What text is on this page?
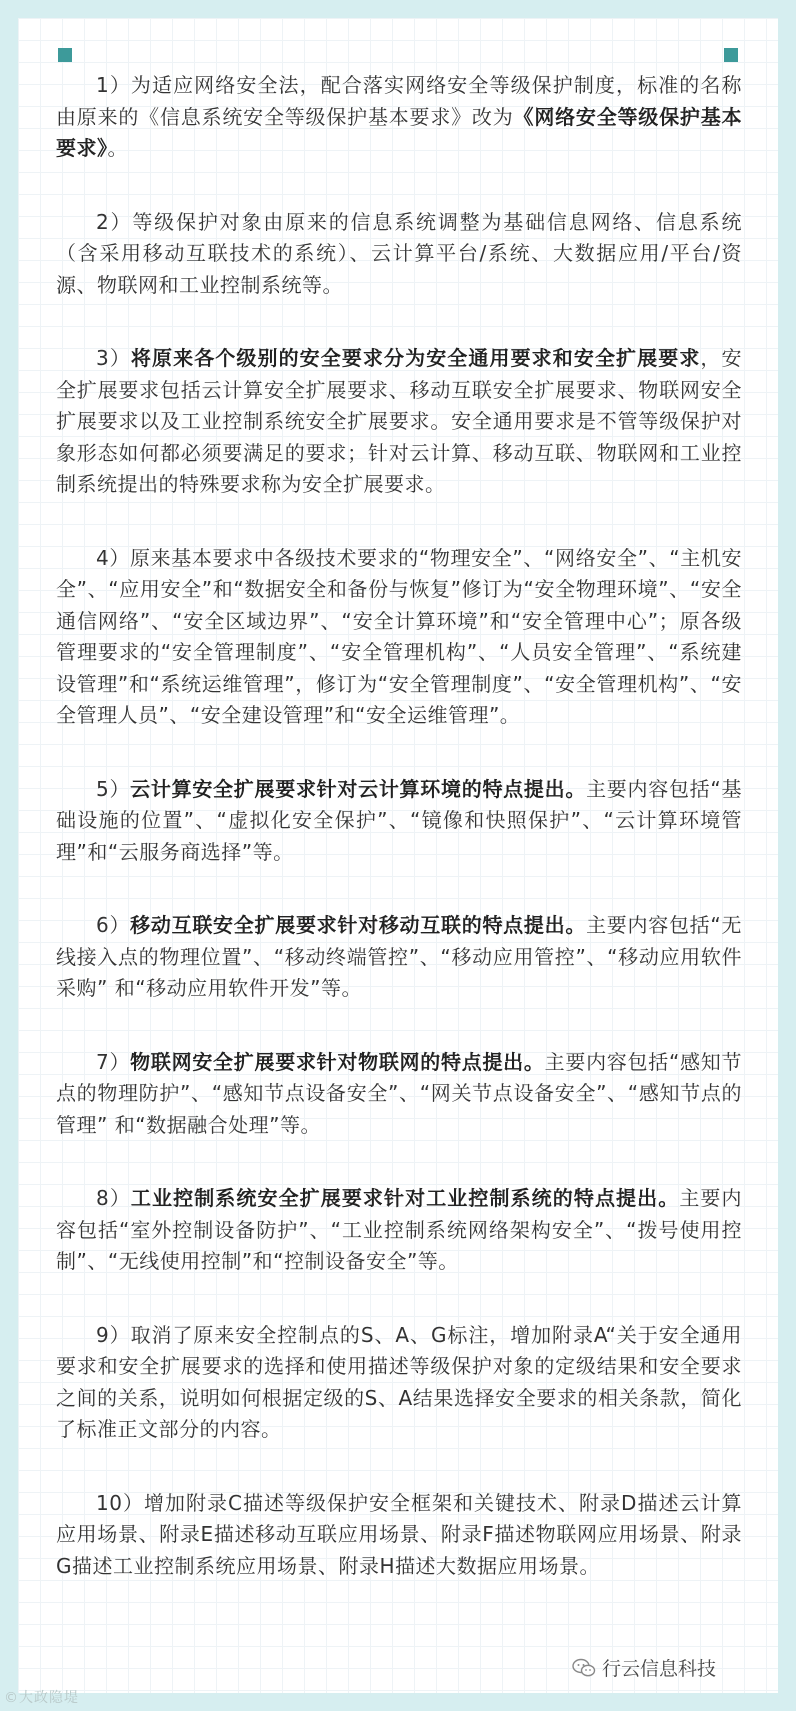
1）为适应网络安全法，配合落实网络安全等级保护制度，标准的名称由原来的《信息系统安全等级保护基本要求》改为《网络安全等级保护基本要求》。

2）等级保护对象由原来的信息系统调整为基础信息网络、信息系统（含采用移动互联技术的系统）、云计算平台/系统、大数据应用/平台/资源、物联网和工业控制系统等。

3）将原来各个级别的安全要求分为安全通用要求和安全扩展要求，安全扩展要求包括云计算安全扩展要求、移动互联安全扩展要求、物联网安全扩展要求以及工业控制系统安全扩展要求。安全通用要求是不管等级保护对象形态如何都必须要满足的要求；针对云计算、移动互联、物联网和工业控制系统提出的特殊要求称为安全扩展要求。

4）原来基本要求中各级技术要求的“物理安全”、“网络安全”、“主机安全”、“应用安全”和“数据安全和备份与恢复”修订为“安全物理环境”、“安全通信网络”、“安全区域边界”、“安全计算环境”和“安全管理中心”；原各级管理要求的“安全管理制度”、“安全管理机构”、“人员安全管理”、“系统建设管理”和“系统运维管理”，修订为“安全管理制度”、“安全管理机构”、“安全管理人员”、“安全建设管理”和“安全运维管理”。

5）云计算安全扩展要求针对云计算环境的特点提出。主要内容包括“基础设施的位置”、“虚拟化安全保护”、“镜像和快照保护”、“云计算环境管理”和“云服务商选择”等。

6）移动互联安全扩展要求针对移动互联的特点提出。主要内容包括“无线接入点的物理位置”、“移动终端管控”、“移动应用管控”、“移动应用软件采购” 和“移动应用软件开发”等。

7）物联网安全扩展要求针对物联网的特点提出。主要内容包括“感知节点的物理防护”、“感知节点设备安全”、“网关节点设备安全”、“感知节点的管理” 和“数据融合处理”等。

8）工业控制系统安全扩展要求针对工业控制系统的特点提出。主要内容包括“室外控制设备防护”、“工业控制系统网络架构安全”、“拨号使用控制”、“无线使用控制”和“控制设备安全”等。

9）取消了原来安全控制点的S、A、G标注，增加附录A“关于安全通用要求和安全扩展要求的选择和使用描述等级保护对象的定级结果和安全要求之间的关系，说明如何根据定级的S、A结果选择安全要求的相关条款，简化了标准正文部分的内容。

10）增加附录C描述等级保护安全框架和关键技术、附录D描述云计算应用场景、附录E描述移动互联应用场景、附录F描述物联网应用场景、附录G描述工业控制系统应用场景、附录H描述大数据应用场景。

行云信息科技
©大政隐堤
